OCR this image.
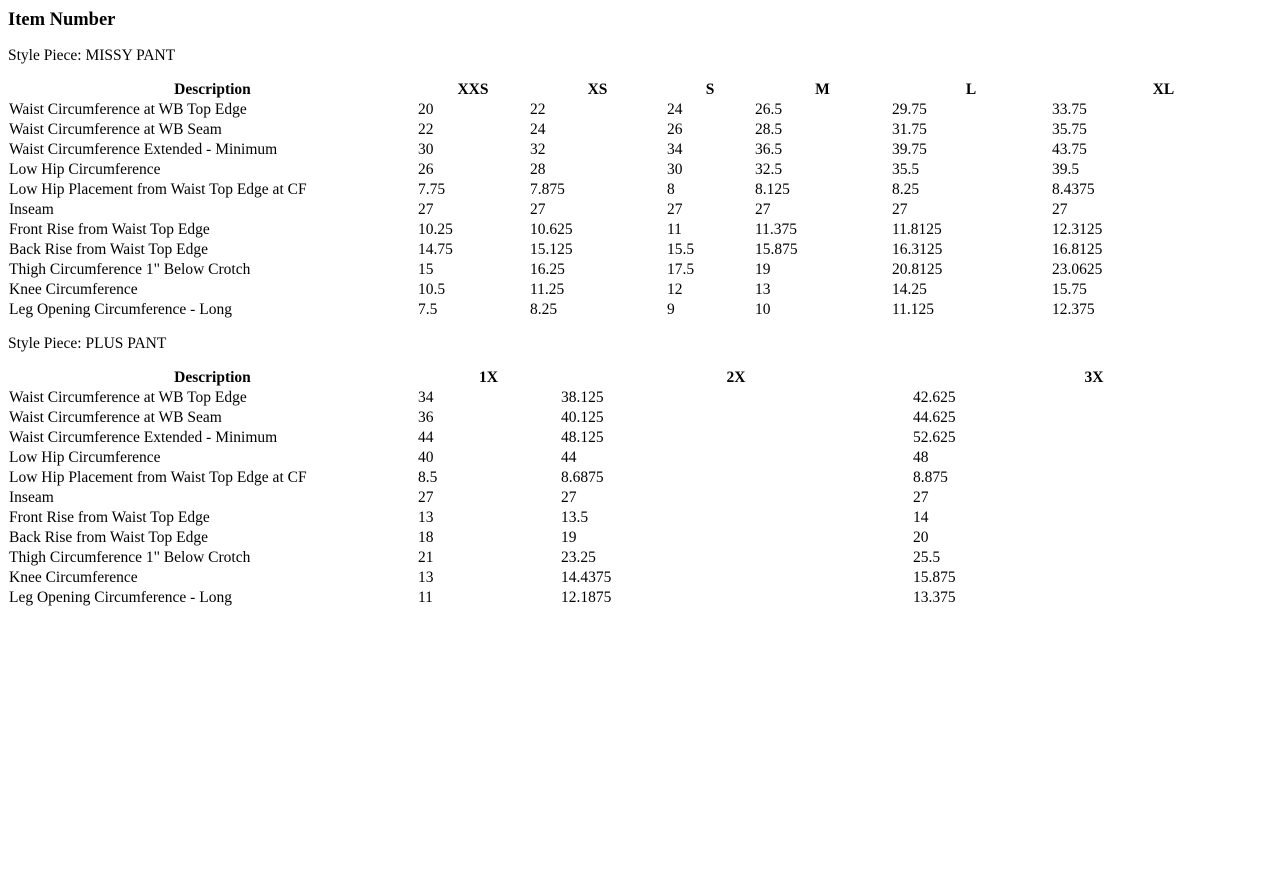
Item Number

Style Piece: MISSY PANT

Description	XXS	XS	S	M	L	XL
Waist Circumference at WB Top Edge	20	22	24	26.5	29.75	33.75
Waist Circumference at WB Seam	22	24	26	28.5	31.75	35.75
Waist Circumference Extended - Minimum	30	32	34	36.5	39.75	43.75
Low Hip Circumference	26	28	30	32.5	35.5	39.5
Low Hip Placement from Waist Top Edge at CF	7.75	7.875	8	8.125	8.25	8.4375
Inseam	27	27	27	27	27	27
Front Rise from Waist Top Edge	10.25	10.625	11	11.375	11.8125	12.3125
Back Rise from Waist Top Edge	14.75	15.125	15.5	15.875	16.3125	16.8125
Thigh Circumference 1" Below Crotch	15	16.25	17.5	19	20.8125	23.0625
Knee Circumference	10.5	11.25	12	13	14.25	15.75
Leg Opening Circumference - Long	7.5	8.25	9	10	11.125	12.375

Style Piece: PLUS PANT

Description	1X	2X	3X
Waist Circumference at WB Top Edge	34	38.125	42.625
Waist Circumference at WB Seam	36	40.125	44.625
Waist Circumference Extended - Minimum	44	48.125	52.625
Low Hip Circumference	40	44	48
Low Hip Placement from Waist Top Edge at CF	8.5	8.6875	8.875
Inseam	27	27	27
Front Rise from Waist Top Edge	13	13.5	14
Back Rise from Waist Top Edge	18	19	20
Thigh Circumference 1" Below Crotch	21	23.25	25.5
Knee Circumference	13	14.4375	15.875
Leg Opening Circumference - Long	11	12.1875	13.375
